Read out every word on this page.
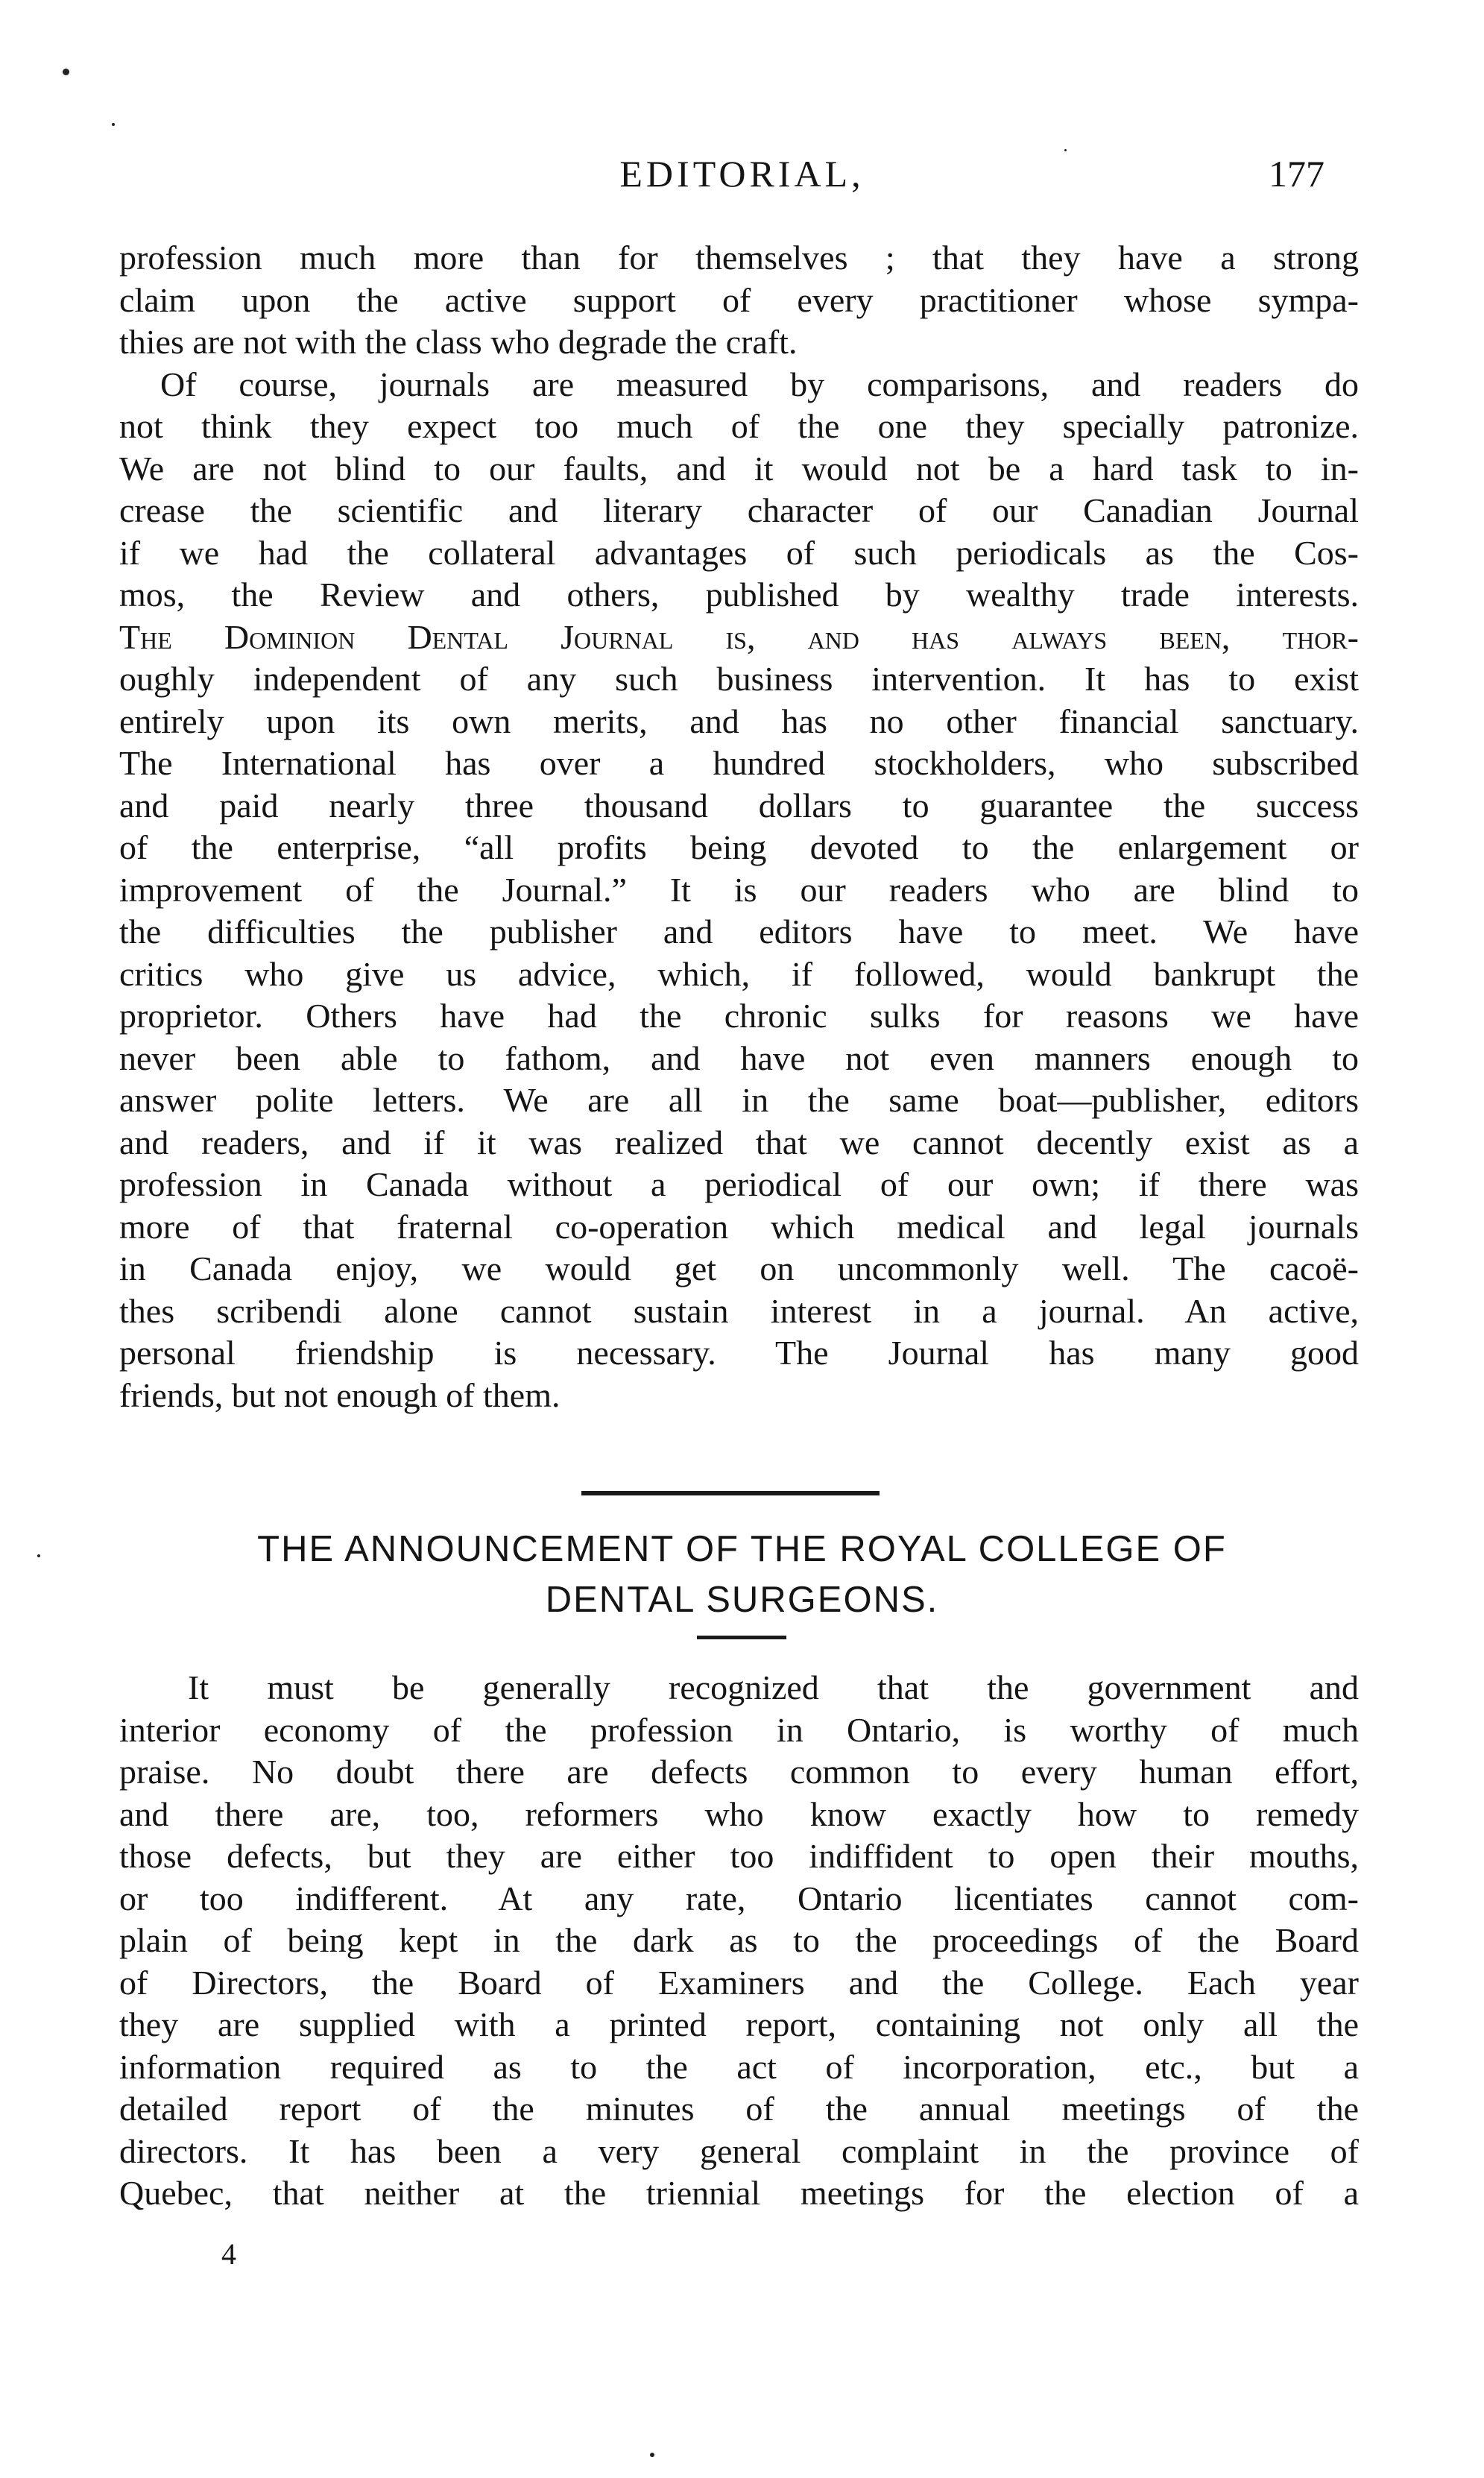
EDITORIAL,	177
profession much more than for themselves ; that they have a strong
claim upon the active support of every practitioner whose sympa-
thies are not with the class who degrade the craft.
Of course, journals are measured by comparisons, and readers do
not think they expect too much of the one they specially patronize.
We are not blind to our faults, and it would not be a hard task to in-
crease the scientific and literary character of our Canadian Journal
if we had the collateral advantages of such periodicals as the Cos-
mos, the Review and others, published by wealthy trade interests.
The Dominion Dental Journal is, and has always been, thor-
oughly independent of any such business intervention. It has to exist
entirely upon its own merits, and has no other financial sanctuary.
The International has over a hundred stockholders, who subscribed
and paid nearly three thousand dollars to guarantee the success
of the enterprise, “all profits being devoted to the enlargement or
improvement of the Journal.” It is our readers who are blind to
the difficulties the publisher and editors have to meet. We have
critics who give us advice, which, if followed, would bankrupt the
proprietor. Others have had the chronic sulks for reasons we have
never been able to fathom, and have not even manners enough to
answer polite letters. We are all in the same boat—publisher, editors
and readers, and if it was realized that we cannot decently exist as a
profession in Canada without a periodical of our own; if there was
more of that fraternal co-operation which medical and legal journals
in Canada enjoy, we would get on uncommonly well. The cacoë-
thes scribendi alone cannot sustain interest in a journal. An active,
personal friendship is necessary. The Journal has many good
friends, but not enough of them.
THE ANNOUNCEMENT OF THE ROYAL COLLEGE OF
DENTAL SURGEONS.
It must be generally recognized that the government and
interior economy of the profession in Ontario, is worthy of much
praise. No doubt there are defects common to every human effort,
and there are, too, reformers who know exactly how to remedy
those defects, but they are either too indiffident to open their mouths,
or too indifferent. At any rate, Ontario licentiates cannot com-
plain of being kept in the dark as to the proceedings of the Board
of Directors, the Board of Examiners and the College. Each year
they are supplied with a printed report, containing not only all the
information required as to the act of incorporation, etc., but a
detailed report of the minutes of the annual meetings of the
directors. It has been a very general complaint in the province of
Quebec, that neither at the triennial meetings for the election of a
4
